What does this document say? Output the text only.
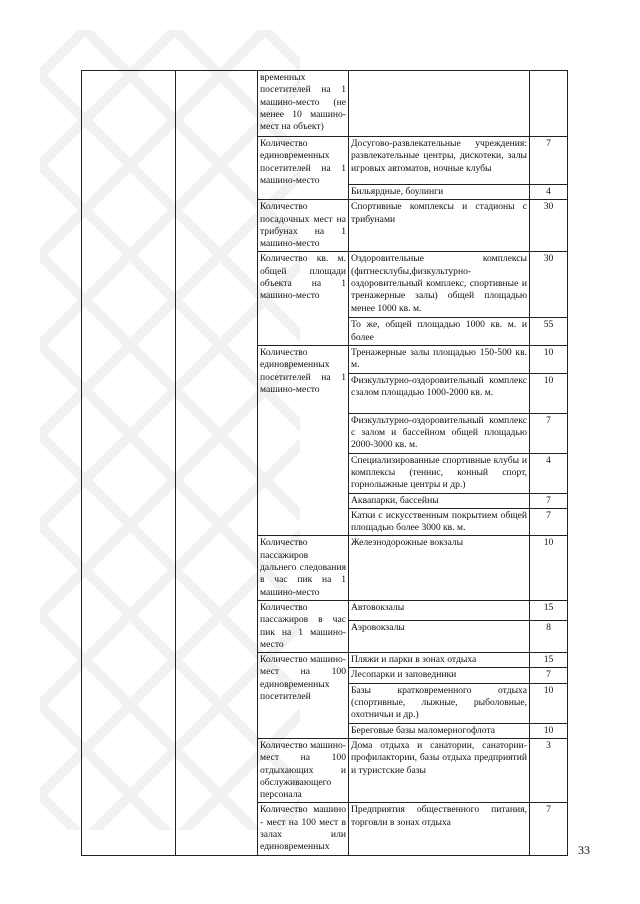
		временных посетителей на 1 машино-место (не менее 10 машино-мест на объект)		
		Количество единовременных посетителей на 1 машино-место	Досугово-развлекательные учреждения: развлекательные центры, дискотеки, залы игровых автоматов, ночные клубы	7
			Бильярдные, боулинги	4
		Количество посадочных мест на трибунах на 1 машино-место	Спортивные комплексы и стадионы с трибунами	30
		Количество кв. м. общей площади объекта на 1 машино-место	Оздоровительные комплексы (фитнесклубы,физкультурно-оздоровительный комплекс, спортивные и тренажерные залы) общей площадью менее 1000 кв. м.	30
			То же, общей площадью 1000 кв. м. и более	55
		Количество единовременных посетителей на 1 машино-место	Тренажерные залы площадью 150-500 кв. м.	10
			Физкультурно-оздоровительный комплекс сзалом площадью 1000-2000 кв. м.	10
			Физкультурно-оздоровительный комплекс с залом и бассейном общей площадью 2000-3000 кв. м.	7
			Специализированные спортивные клубы и комплексы (теннис, конный спорт, горнолыжные центры и др.)	4
			Аквапарки, бассейны	7
			Катки с искусственным покрытием общей площадью более 3000 кв. м.	7
		Количество пассажиров дальнего следования в час пик на 1 машино-место	Железнодорожные вокзалы	10
		Количество пассажиров в час пик на 1 машино-место	Автовокзалы	15
			Аэровокзалы	8
		Количество машино-мест на 100 единовременных посетителей	Пляжи и парки в зонах отдыха	15
			Лесопарки и заповедники	7
			Базы кратковременного отдыха (спортивные, лыжные, рыболовные, охотничьи и др.)	10
			Береговые базы маломерногофлота	10
		Количество машино-мест на 100 отдыхающих и обслуживающего персонала	Дома отдыха и санатории, санатории-профилактории, базы отдыха предприятий и туристские базы	3
		Количество машино - мест на 100 мест в залах или единовременных	Предприятия общественного питания, торговли в зонах отдыха	7
33
